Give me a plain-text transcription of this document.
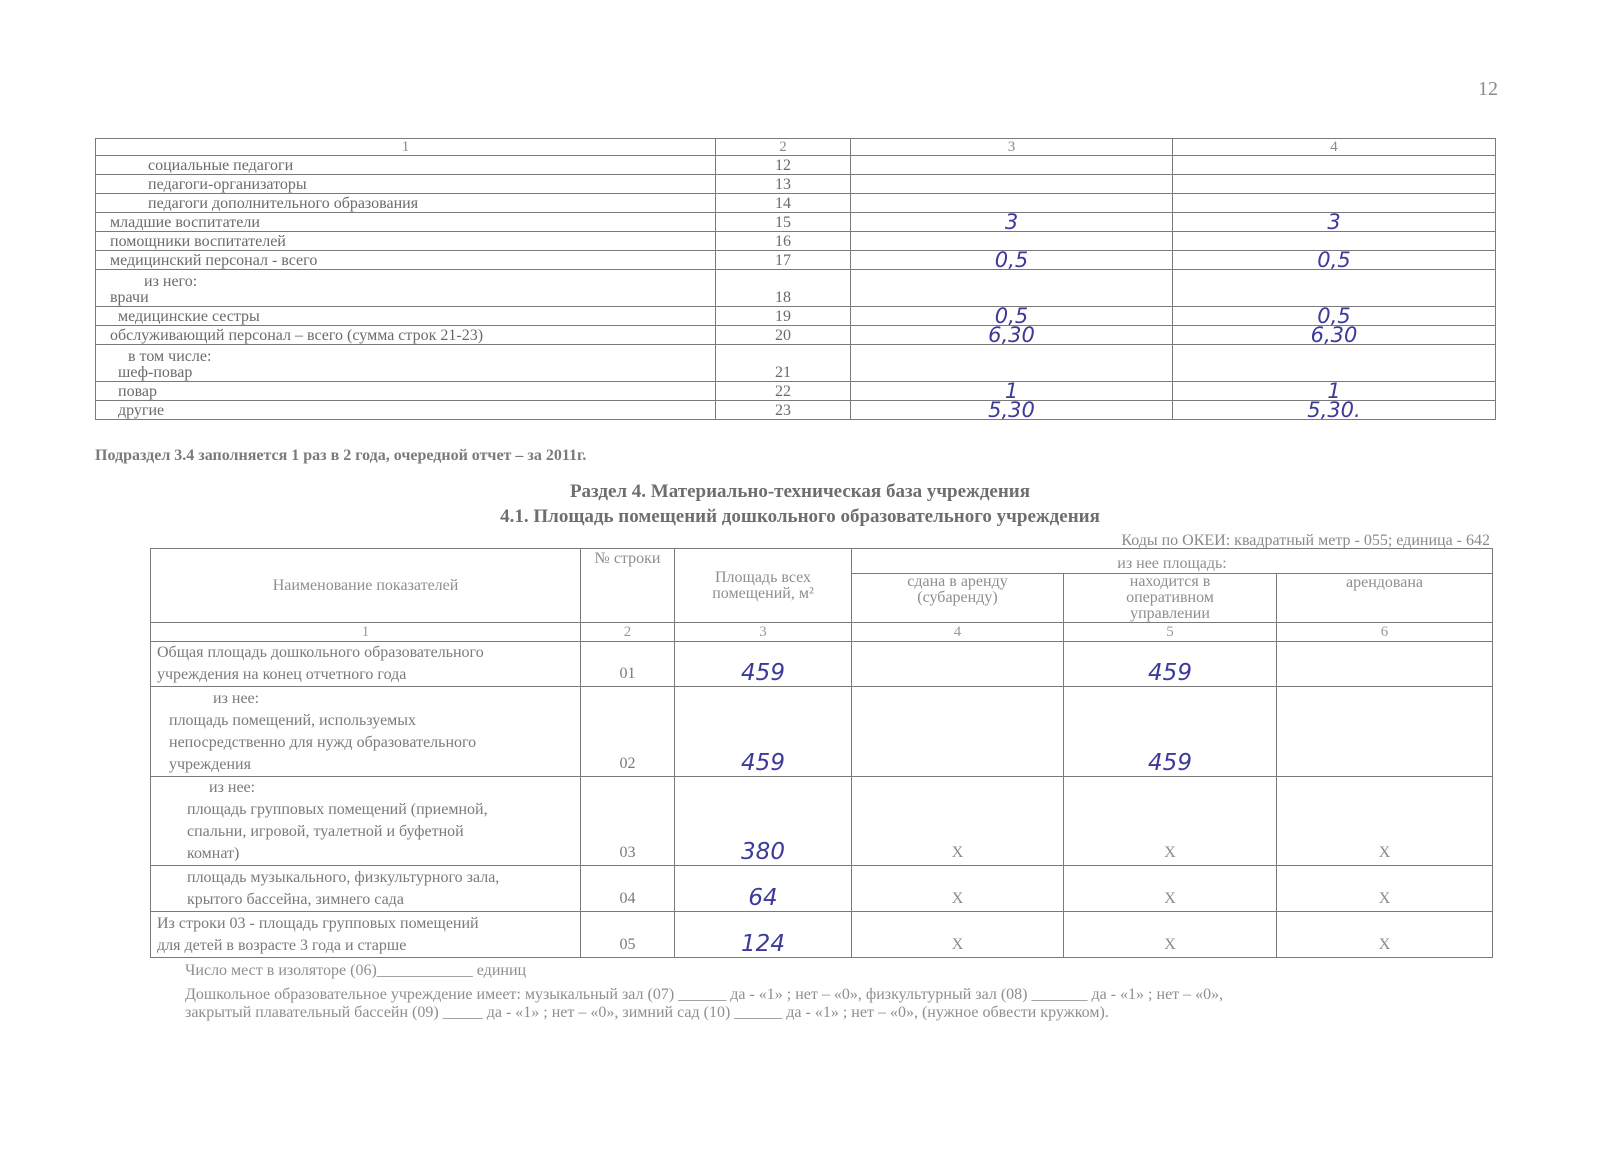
12
1	2	3	4
социальные педагоги	12		
педагоги-организаторы	13		
педагоги дополнительного образования	14		
младшие воспитатели	15	3	3
помощники воспитателей	16		
медицинский персонал - всего	17	0,5	0,5

из него:
врачи	18		
медицинские сестры	19	0,5	0,5
обслуживающий персонал – всего (сумма строк 21-23)	20	6,30	6,30

в том числе:
шеф-повар	21		
повар	22	1	1
другие	23	5,30	5,30.
Подраздел 3.4 заполняется 1 раз в 2 года, очередной отчет – за 2011г.
Раздел 4. Материально-техническая база учреждения
4.1. Площадь помещений дошкольного образовательного учреждения
Коды по ОКЕИ: квадратный метр - 055; единица - 642
Наименование показателей	№ строки	Площадь всех помещений, м²	из нее площадь:		
			сдана в аренду (субаренду)	находится в оперативном управлении	арендована
1	2	3	4	5	6

Общая площадь дошкольного образовательного
учреждения на конец отчетного года	01	459		459	

из нее:
площадь помещений, используемых
непосредственно для нужд образовательного
учреждения	02	459		459	

из нее:
площадь групповых помещений (приемной,
спальни, игровой, туалетной и буфетной
комнат)	03	380	X	X	X

площадь музыкального, физкультурного зала,
крытого бассейна, зимнего сада	04	64	X	X	X

Из строки 03 - площадь групповых помещений
для детей в возрасте 3 года и старше	05	124	X	X	X
Число мест в изоляторе (06)____________ единиц
Дошкольное образовательное учреждение имеет: музыкальный зал (07) ______ да - «1» ; нет – «0», физкультурный зал (08) _______ да - «1» ; нет – «0»,
закрытый плавательный бассейн (09) _____ да - «1» ; нет – «0», зимний сад (10) ______ да - «1» ; нет – «0», (нужное обвести кружком).
